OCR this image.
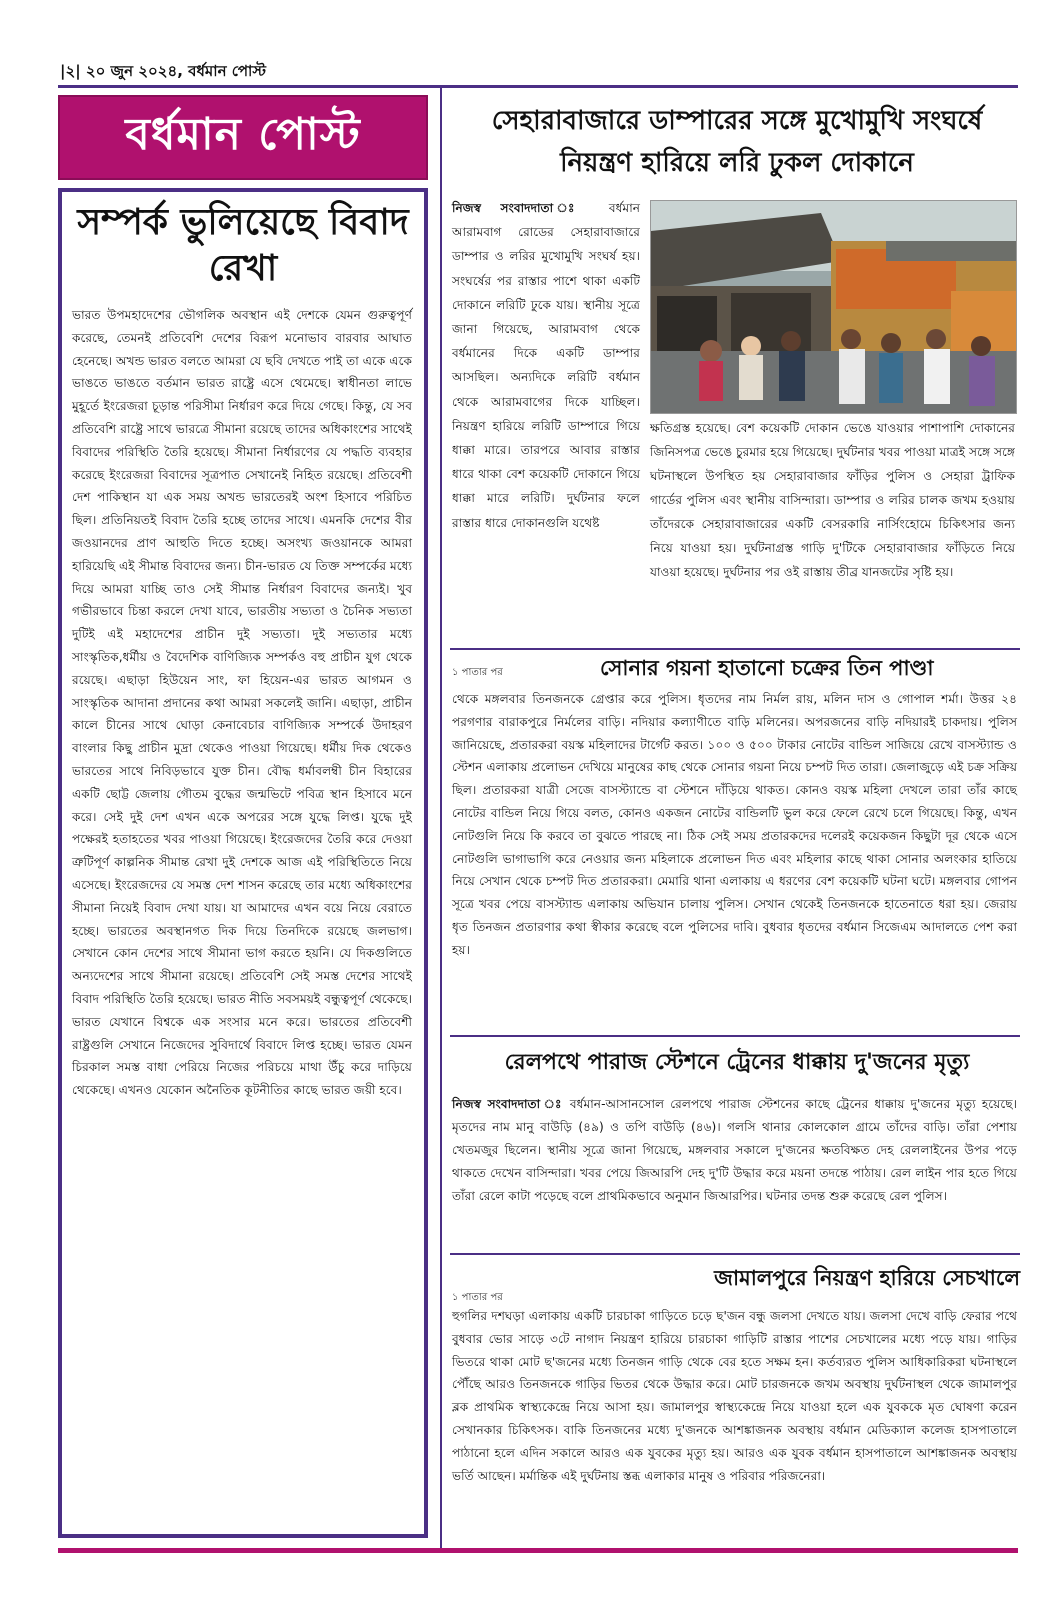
|২| ২০ জুন ২০২৪, বর্ধমান পোস্ট
বর্ধমান পোস্ট
সম্পর্ক ভুলিয়েছে বিবাদ রেখা
ভারত উপমহাদেশের ভৌগলিক অবস্থান এই দেশকে যেমন গুরুত্বপূর্ণ করেছে, তেমনই প্রতিবেশি দেশের বিরূপ মনোভাব বারবার আঘাত হেনেছে। অখন্ড ভারত বলতে আমরা যে ছবি দেখতে পাই তা একে একে ভাঙতে ভাঙতে বর্তমান ভারত রাষ্ট্রে এসে থেমেছে। স্বাধীনতা লাভে মুহূর্তে ইংরেজরা চূড়ান্ত পরিসীমা নির্ধারণ করে দিয়ে গেছে। কিন্তু, যে সব প্রতিবেশি রাষ্ট্রে সাথে ভারত্রে সীমানা রয়েছে তাদের অধিকাংশের সাথেই বিবাদের পরিস্থিতি তৈরি হয়েছে। সীমানা নির্ধারণের যে পদ্ধতি ব্যবহার করেছে ইংরেজরা বিবাদের সূত্রপাত সেখানেই নিহিত রয়েছে। প্রতিবেশী দেশ পাকিস্থান যা এক সময় অখন্ড ভারতেরই অংশ হিসাবে পরিচিত ছিল। প্রতিনিয়তই বিবাদ তৈরি হচ্ছে তাদের সাথে। এমনকি দেশের বীর জওয়ানদের প্রাণ আহুতি দিতে হচ্ছে। অসংখ্য জওয়ানকে আমরা হারিয়েছি এই সীমান্ত বিবাদের জন্য। চীন-ভারত যে তিক্ত সম্পর্কের মধ্যে দিয়ে আমরা যাচ্ছি তাও সেই সীমান্ত নির্ধারণ বিবাদের জন্যই। খুব গভীরভাবে চিন্তা করলে দেখা যাবে, ভারতীয় সভ্যতা ও চৈনিক সভ্যতা দুটিই এই মহাদেশের প্রাচীন দুই সভ্যতা। দুই সভ্যতার মধ্যে সাংস্কৃতিক,ধর্মীয় ও বৈদেশিক বাণিজ্যিক সম্পর্কও বহু প্রাচীন যুগ থেকে রয়েছে। এছাড়া হিউয়েন সাং, ফা হিয়েন-এর ভারত আগমন ও সাংস্কৃতিক আদানা প্রদানের কথা আমরা সকলেই জানি। এছাড়া, প্রাচীন কালে চীনের সাথে ঘোড়া কেনাবেচার বাণিজ্যিক সম্পর্কে উদাহরণ বাংলার কিছু প্রাচীন মুদ্রা থেকেও পাওয়া গিয়েছে। ধর্মীয় দিক থেকেও ভারতের সাথে নিবিড়ভাবে যুক্ত চীন। বৌদ্ধ ধর্মাবলম্বী চীন বিহারের একটি ছোট্ট জেলায় গৌতম বুদ্ধের জন্মভিটে পবিত্র স্থান হিসাবে মনে করে। সেই দুই দেশ এখন একে অপরের সঙ্গে যুদ্ধে লিপ্ত। যুদ্ধে দুই পক্ষেরই হতাহতের খবর পাওয়া গিয়েছে। ইংরেজদের তৈরি করে দেওয়া ত্রুটিপূর্ণ কাল্পনিক সীমান্ত রেখা দুই দেশকে আজ এই পরিস্থিতিতে নিয়ে এসেছে। ইংরেজদের যে সমস্ত দেশ শাসন করেছে তার মধ্যে অধিকাংশের সীমানা নিয়েই বিবাদ দেখা যায়। যা আমাদের এখন বয়ে নিয়ে বেরাতে হচ্ছে। ভারতের অবস্থানগত দিক দিয়ে তিনদিকে রয়েছে জলভাগ। সেখানে কোন দেশের সাথে সীমানা ভাগ করতে হয়নি। যে দিকগুলিতে অন্যদেশের সাথে সীমানা রয়েছে। প্রতিবেশি সেই সমস্ত দেশের সাথেই বিবাদ পরিস্থিতি তৈরি হয়েছে। ভারত নীতি সবসময়ই বন্ধুত্বপূর্ণ থেকেছে। ভারত যেখানে বিশ্বকে এক সংসার মনে করে। ভারতের প্রতিবেশী রাষ্ট্রগুলি সেখানে নিজেদের সুবিদার্থে বিবাদে লিপ্ত হচ্ছে। ভারত যেমন চিরকাল সমস্ত বাধা পেরিয়ে নিজের পরিচয়ে মাথা উঁচু করে দাড়িয়ে থেকেছে। এখনও যেকোন অনৈতিক কূটনীতির কাছে ভারত জয়ী হবে।
সেহারাবাজারে ডাম্পারের সঙ্গে মুখোমুখি সংঘর্ষে নিয়ন্ত্রণ হারিয়ে লরি ঢুকল দোকানে
নিজস্ব সংবাদদাতা ঃ বর্ধমান আরামবাগ রোডের সেহারাবাজারে ডাম্পার ও লরির মুখোমুখি সংঘর্ষ হয়। সংঘর্ষের পর রাস্তার পাশে থাকা একটি দোকানে লরিটি ঢুকে যায়। স্থানীয় সূত্রে জানা গিয়েছে, আরামবাগ থেকে বর্ধমানের দিকে একটি ডাম্পার আসছিল। অন্যদিকে লরিটি বর্ধমান থেকে আরামবাগের দিকে যাচ্ছিল। নিয়ন্ত্রণ হারিয়ে লরিটি ডাম্পারে গিয়ে ধাক্কা মারে। তারপরে আবার রাস্তার ধারে থাকা বেশ কয়েকটি দোকানে গিয়ে ধাক্কা মারে লরিটি। দুর্ঘটনার ফলে রাস্তার ধারে দোকানগুলি যথেষ্ট
ক্ষতিগ্রস্ত হয়েছে। বেশ কয়েকটি দোকান ভেঙে যাওয়ার পাশাপাশি দোকানের জিনিসপত্র ভেঙে চুরমার হয়ে গিয়েছে। দুর্ঘটনার খবর পাওয়া মাত্রই সঙ্গে সঙ্গে ঘটনাস্থলে উপস্থিত হয় সেহারাবাজার ফাঁড়ির পুলিস ও সেহারা ট্রাফিক গার্ডের পুলিস এবং স্থানীয় বাসিন্দারা। ডাম্পার ও লরির চালক জখম হওয়ায় তাঁদেরকে সেহারাবাজারের একটি বেসরকারি নার্সিংহোমে চিকিৎসার জন্য নিয়ে যাওয়া হয়। দুর্ঘটনাগ্রস্ত গাড়ি দু'টিকে সেহারাবাজার ফাঁড়িতে নিয়ে যাওয়া হয়েছে। দুর্ঘটনার পর ওই রাস্তায় তীব্র যানজটের সৃষ্টি হয়।
১ পাতার পর	সোনার গয়না হাতানো চক্রের তিন পাণ্ডা
থেকে মঙ্গলবার তিনজনকে গ্রেপ্তার করে পুলিস। ধৃতদের নাম নির্মল রায়, মলিন দাস ও গোপাল শর্মা। উত্তর ২৪ পরগণার বারাকপুরে নির্মলের বাড়ি। নদিয়ার কল্যাণীতে বাড়ি মলিনের। অপরজনের বাড়ি নদিয়ারই চাকদায়। পুলিস জানিয়েছে, প্রতারকরা বয়স্ক মহিলাদের টার্গেট করত। ১০০ ও ৫০০ টাকার নোটের বান্ডিল সাজিয়ে রেখে বাসস্ট্যান্ড ও স্টেশন এলাকায় প্রলোভন দেখিয়ে মানুষের কাছ থেকে সোনার গয়না নিয়ে চম্পট দিত তারা। জেলাজুড়ে এই চক্র সক্রিয় ছিল। প্রতারকরা যাত্রী সেজে বাসস্ট্যান্ডে বা স্টেশনে দাঁড়িয়ে থাকত। কোনও বয়স্ক মহিলা দেখলে তারা তাঁর কাছে নোটের বান্ডিল নিয়ে গিয়ে বলত, কোনও একজন নোটের বান্ডিলটি ভুল করে ফেলে রেখে চলে গিয়েছে। কিন্তু, এখন নোটগুলি নিয়ে কি করবে তা বুঝতে পারছে না। ঠিক সেই সময় প্রতারকদের দলেরই কয়েকজন কিছুটা দূর থেকে এসে নোটগুলি ভাগাভাগি করে নেওয়ার জন্য মহিলাকে প্রলোভন দিত এবং মহিলার কাছে থাকা সোনার অলংকার হাতিয়ে নিয়ে সেখান থেকে চম্পট দিত প্রতারকরা। মেমারি থানা এলাকায় এ ধরণের বেশ কয়েকটি ঘটনা ঘটে। মঙ্গলবার গোপন সূত্রে খবর পেয়ে বাসস্ট্যান্ড এলাকায় অভিযান চালায় পুলিস। সেখান থেকেই তিনজনকে হাতেনাতে ধরা হয়। জেরায় ধৃত তিনজন প্রতারণার কথা স্বীকার করেছে বলে পুলিসের দাবি। বুধবার ধৃতদের বর্ধমান সিজেএম আদালতে পেশ করা হয়।
রেলপথে পারাজ স্টেশনে ট্রেনের ধাক্কায় দু'জনের মৃত্যু
নিজস্ব সংবাদদাতা ঃ বর্ধমান-আসানসোল রেলপথে পারাজ স্টেশনের কাছে ট্রেনের ধাক্কায় দু'জনের মৃত্যু হয়েছে। মৃতদের নাম মানু বাউড়ি (৪৯) ও তপি বাউড়ি (৪৬)। গলসি থানার কোলকোল গ্রামে তাঁদের বাড়ি। তাঁরা পেশায় খেতমজুর ছিলেন। স্থানীয় সূত্রে জানা গিয়েছে, মঙ্গলবার সকালে দু'জনের ক্ষতবিক্ষত দেহ রেললাইনের উপর পড়ে থাকতে দেখেন বাসিন্দারা। খবর পেয়ে জিআরপি দেহ দু'টি উদ্ধার করে ময়না তদন্তে পাঠায়। রেল লাইন পার হতে গিয়ে তাঁরা রেলে কাটা পড়েছে বলে প্রাথমিকভাবে অনুমান জিআরপির। ঘটনার তদন্ত শুরু করেছে রেল পুলিস।
জামালপুরে নিয়ন্ত্রণ হারিয়ে সেচখালে
১ পাতার পর
হুগলির দশঘড়া এলাকায় একটি চারচাকা গাড়িতে চড়ে ছ'জন বন্ধু জলসা দেখতে যায়। জলসা দেখে বাড়ি ফেরার পথে বুধবার ভোর সাড়ে ৩টে নাগাদ নিয়ন্ত্রণ হারিয়ে চারচাকা গাড়িটি রাস্তার পাশের সেচখালের মধ্যে পড়ে যায়। গাড়ির ভিতরে থাকা মোট ছ'জনের মধ্যে তিনজন গাড়ি থেকে বের হতে সক্ষম হন। কর্তব্যরত পুলিস আধিকারিকরা ঘটনাস্থলে পৌঁছে আরও তিনজনকে গাড়ির ভিতর থেকে উদ্ধার করে। মোট চারজনকে জখম অবস্থায় দুর্ঘটনাস্থল থেকে জামালপুর ব্লক প্রাথমিক স্বাস্থ্যকেন্দ্রে নিয়ে আসা হয়। জামালপুর স্বাস্থ্যকেন্দ্রে নিয়ে যাওয়া হলে এক যুবককে মৃত ঘোষণা করেন সেখানকার চিকিৎসক। বাকি তিনজনের মধ্যে দু'জনকে আশঙ্কাজনক অবস্থায় বর্ধমান মেডিক্যাল কলেজ হাসপাতালে পাঠানো হলে এদিন সকালে আরও এক যুবকের মৃত্যু হয়। আরও এক যুবক বর্ধমান হাসপাতালে আশঙ্কাজনক অবস্থায় ভর্তি আছেন। মর্মান্তিক এই দুর্ঘটনায় স্তব্ধ এলাকার মানুষ ও পরিবার পরিজনেরা।
